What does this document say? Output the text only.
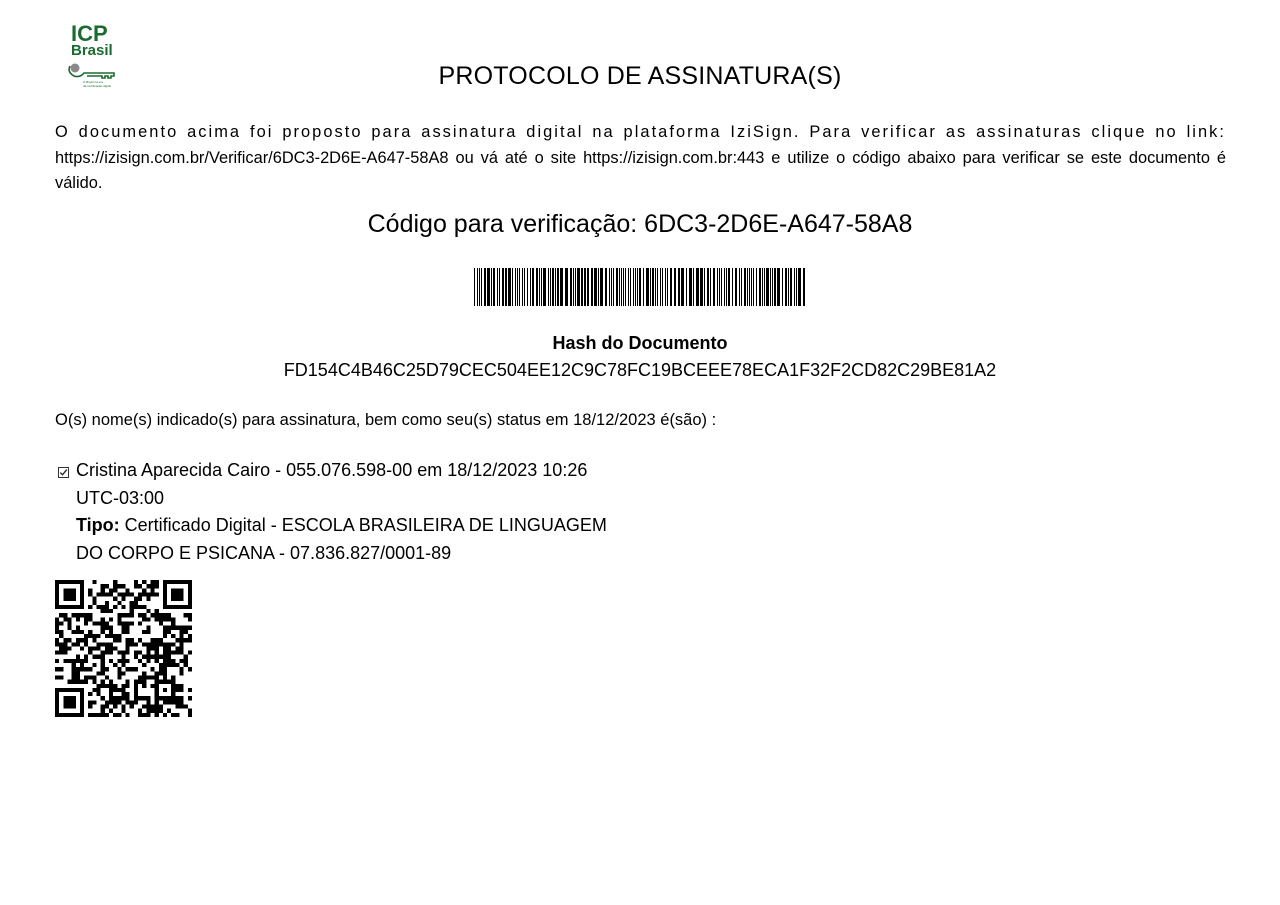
ICP
Brasil
O Brasil na era
da certificação digital	PROTOCOLO DE ASSINATURA(S)
O documento acima foi proposto para assinatura digital na plataforma IziSign. Para verificar as assinaturas clique no link: https://izisign.com.br/Verificar/6DC3-2D6E-A647-58A8 ou vá até o site https://izisign.com.br:443 e utilize o código abaixo para verificar se este documento é válido.
Código para verificação: 6DC3-2D6E-A647-58A8
Hash do Documento
FD154C4B46C25D79CEC504EE12C9C78FC19BCEEE78ECA1F32F2CD82C29BE81A2
O(s) nome(s) indicado(s) para assinatura, bem como seu(s) status em 18/12/2023 é(são) :
Cristina Aparecida Cairo - 055.076.598-00 em 18/12/2023 10:26
UTC-03:00
Tipo: Certificado Digital - ESCOLA BRASILEIRA DE LINGUAGEM
DO CORPO E PSICANA - 07.836.827/0001-89
